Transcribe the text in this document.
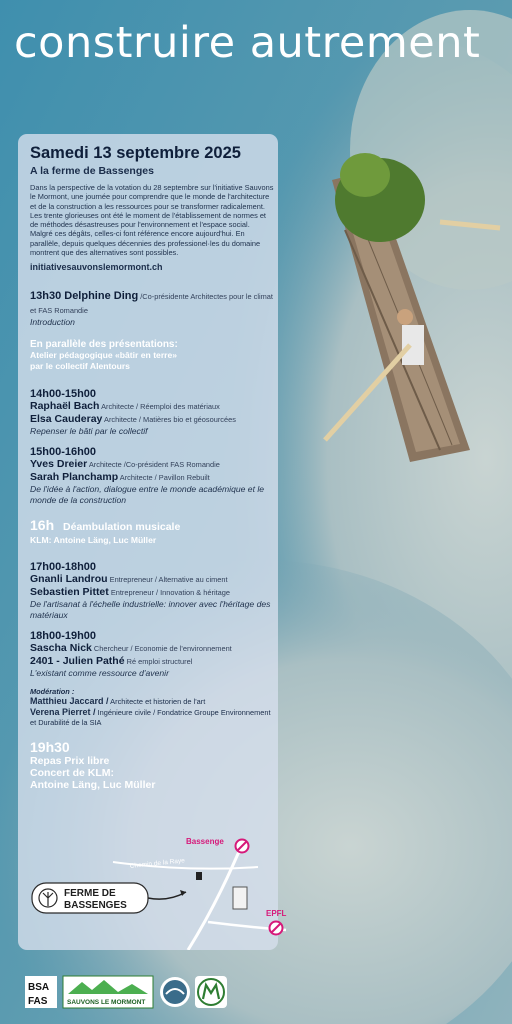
construire autrement
Samedi 13 septembre 2025
A la ferme de Bassenges
Dans la perspective de la votation du 28 septembre sur l'initiative Sauvons le Mormont, une journée pour comprendre que le monde de l'architecture et de la construction a les ressources pour se transformer radicalement. Les trente glorieuses ont été le moment de l'établissement de normes et de méthodes désastreuses pour l'environnement et l'espace social. Malgré ces dégâts, celles-ci font référence encore aujourd'hui. En parallèle, depuis quelques décennies des professionel·les du domaine montrent que des alternatives sont possibles.
initiativesauvonslemormont.ch
13h30 Delphine Ding /Co-présidente Architectes pour le climat et FAS Romandie
Introduction
En parallèle des présentations:
Atelier pédagogique «bâtir en terre»
par le collectif Alentours
14h00-15h00
Raphaël Bach Architecte / Réemploi des matériaux
Elsa Cauderay Architecte / Matières bio et géosourcées
Repenser le bâti par le collectif
15h00-16h00
Yves Dreier Architecte /Co-président FAS Romandie
Sarah Planchamp Architecte / Pavillon Rebuilt
De l'idée à l'action, dialogue entre le monde académique et le monde de la construction
16h Déambulation musicale
KLM: Antoine Läng, Luc Müller
17h00-18h00
Gnanli Landrou Entrepreneur / Alternative au ciment
Sebastien Pittet Entrepreneur / Innovation & héritage
De l'artisanat à l'échelle industrielle: innover avec l'héritage des matériaux
18h00-19h00
Sascha Nick Chercheur / Economie de l'environnement
2401 - Julien Pathé Ré emploi structurel
L'existant comme ressource d'avenir
Modération :
Matthieu Jaccard / Architecte et historien de l'art
Verena Pierret / Ingénieure civile / Fondatrice Groupe Environnement et Durabilité de la SIA
19h30
Repas Prix libre
Concert de KLM:
Antoine Läng, Luc Müller
Bassenge
Chemin de la Raye
EPFL
FERME DE
BASSENGES
BSA
FAS	SAUVONS LE MORMONT
